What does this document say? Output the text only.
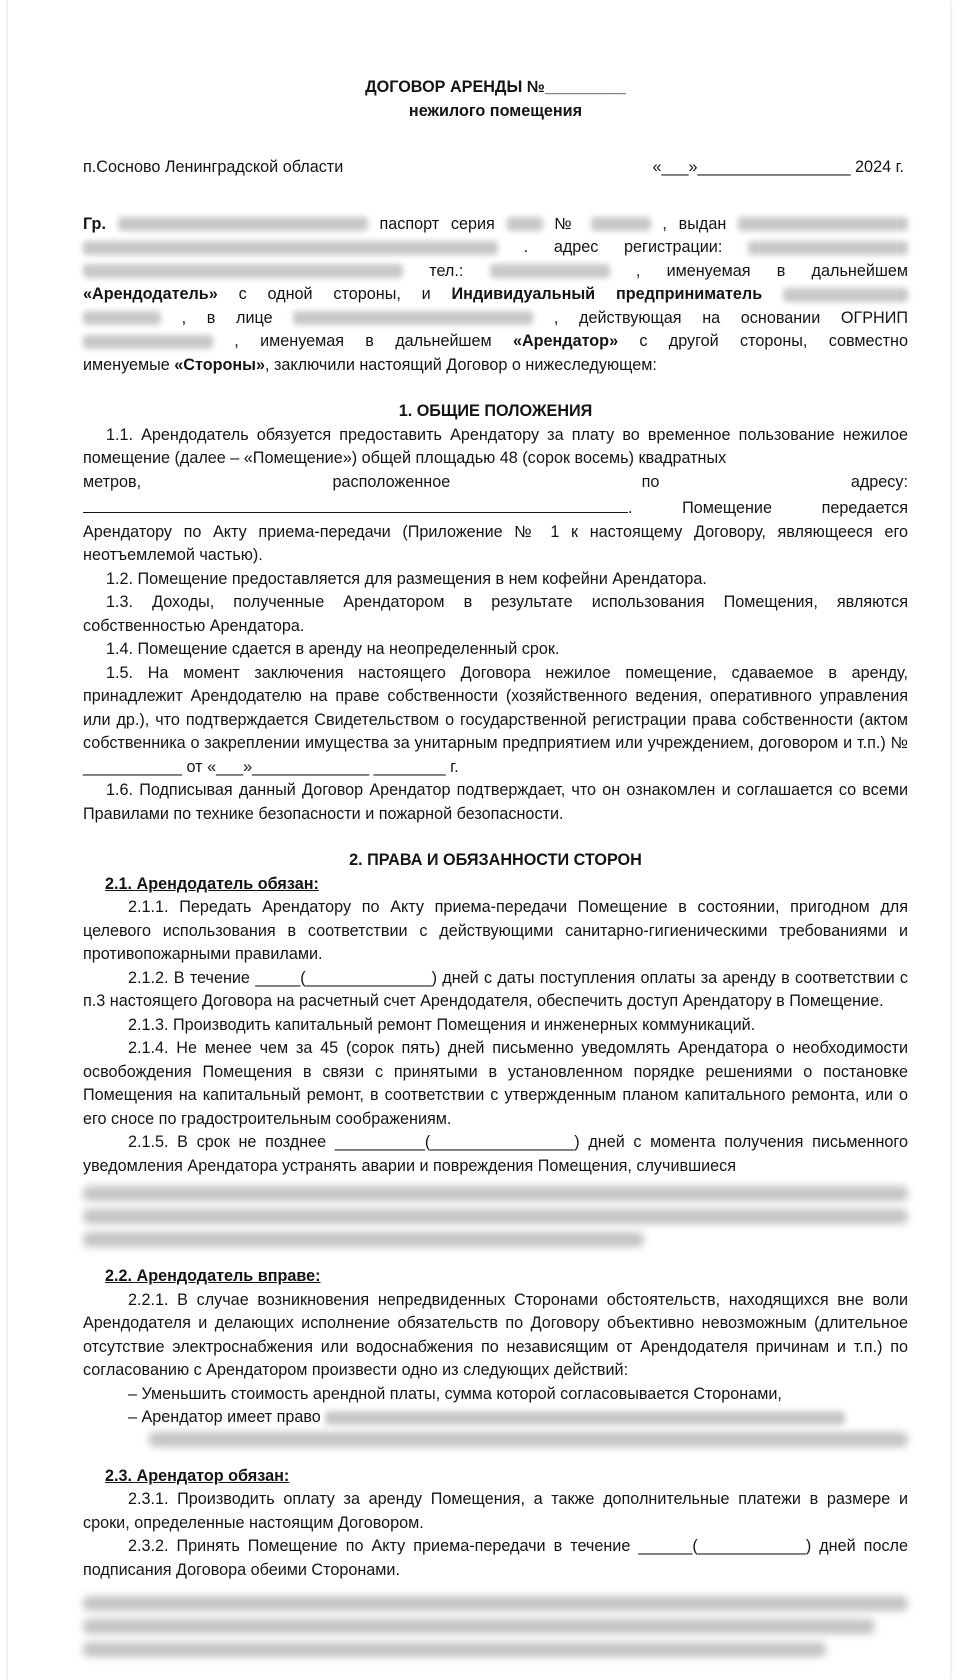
ДОГОВОР АРЕНДЫ №_________

нежилого помещения

п.Сосново Ленинградской области	«___»_________________ 2024 г.

Гр.	паспорт серия	№	, выдан

. адрес регистрации:

тел.:	, именуемая в дальнейшем

«Арендодатель» с одной стороны, и Индивидуальный предприниматель

, в лице	, действующая на основании ОГРНИП

, именуемая в дальнейшем «Арендатор» с другой стороны, совместно

именуемые «Стороны», заключили настоящий Договор о нижеследующем:

1. ОБЩИЕ ПОЛОЖЕНИЯ

1.1. Арендодатель обязуется предоставить Арендатору за плату во временное пользование нежилое помещение (далее – «Помещение») общей площадью 48 (сорок восемь) квадратных

метров, расположенное по адресу:

. Помещение передается

Арендатору по Акту приема-передачи (Приложение № 1 к настоящему Договору, являющееся его неотъемлемой частью).

1.2. Помещение предоставляется для размещения в нем кофейни Арендатора.

1.3. Доходы, полученные Арендатором в результате использования Помещения, являются собственностью Арендатора.

1.4. Помещение сдается в аренду на неопределенный срок.

1.5. На момент заключения настоящего Договора нежилое помещение, сдаваемое в аренду, принадлежит Арендодателю на праве собственности (хозяйственного ведения, оперативного управления или др.), что подтверждается Свидетельством о государственной регистрации права собственности (актом собственника о закреплении имущества за унитарным предприятием или учреждением, договором и т.п.) № ___________ от «___»_____________ ________ г.

1.6. Подписывая данный Договор Арендатор подтверждает, что он ознакомлен и соглашается со всеми Правилами по технике безопасности и пожарной безопасности.

2. ПРАВА И ОБЯЗАННОСТИ СТОРОН

2.1. Арендодатель обязан:

2.1.1. Передать Арендатору по Акту приема-передачи Помещение в состоянии, пригодном для целевого использования в соответствии с действующими санитарно-гигиеническими требованиями и противопожарными правилами.

2.1.2. В течение _____(______________) дней с даты поступления оплаты за аренду в соответствии с п.3 настоящего Договора на расчетный счет Арендодателя, обеспечить доступ Арендатору в Помещение.

2.1.3. Производить капитальный ремонт Помещения и инженерных коммуникаций.

2.1.4. Не менее чем за 45 (сорок пять) дней письменно уведомлять Арендатора о необходимости освобождения Помещения в связи с принятыми в установленном порядке решениями о постановке Помещения на капитальный ремонт, в соответствии с утвержденным планом капитального ремонта, или о его сносе по градостроительным соображениям.

2.1.5. В срок не позднее __________(________________) дней с момента получения письменного уведомления Арендатора устранять аварии и повреждения Помещения, случившиеся

2.2. Арендодатель вправе:

2.2.1. В случае возникновения непредвиденных Сторонами обстоятельств, находящихся вне воли Арендодателя и делающих исполнение обязательств по Договору объективно невозможным (длительное отсутствие электроснабжения или водоснабжения по независящим от Арендодателя причинам и т.п.) по согласованию с Арендатором произвести одно из следующих действий:

– Уменьшить стоимость арендной платы, сумма которой согласовывается Сторонами,

– Арендатор имеет право

2.3. Арендатор обязан:

2.3.1. Производить оплату за аренду Помещения, а также дополнительные платежи в размере и сроки, определенные настоящим Договором.

2.3.2. Принять Помещение по Акту приема-передачи в течение ______(____________) дней после подписания Договора обеими Сторонами.
